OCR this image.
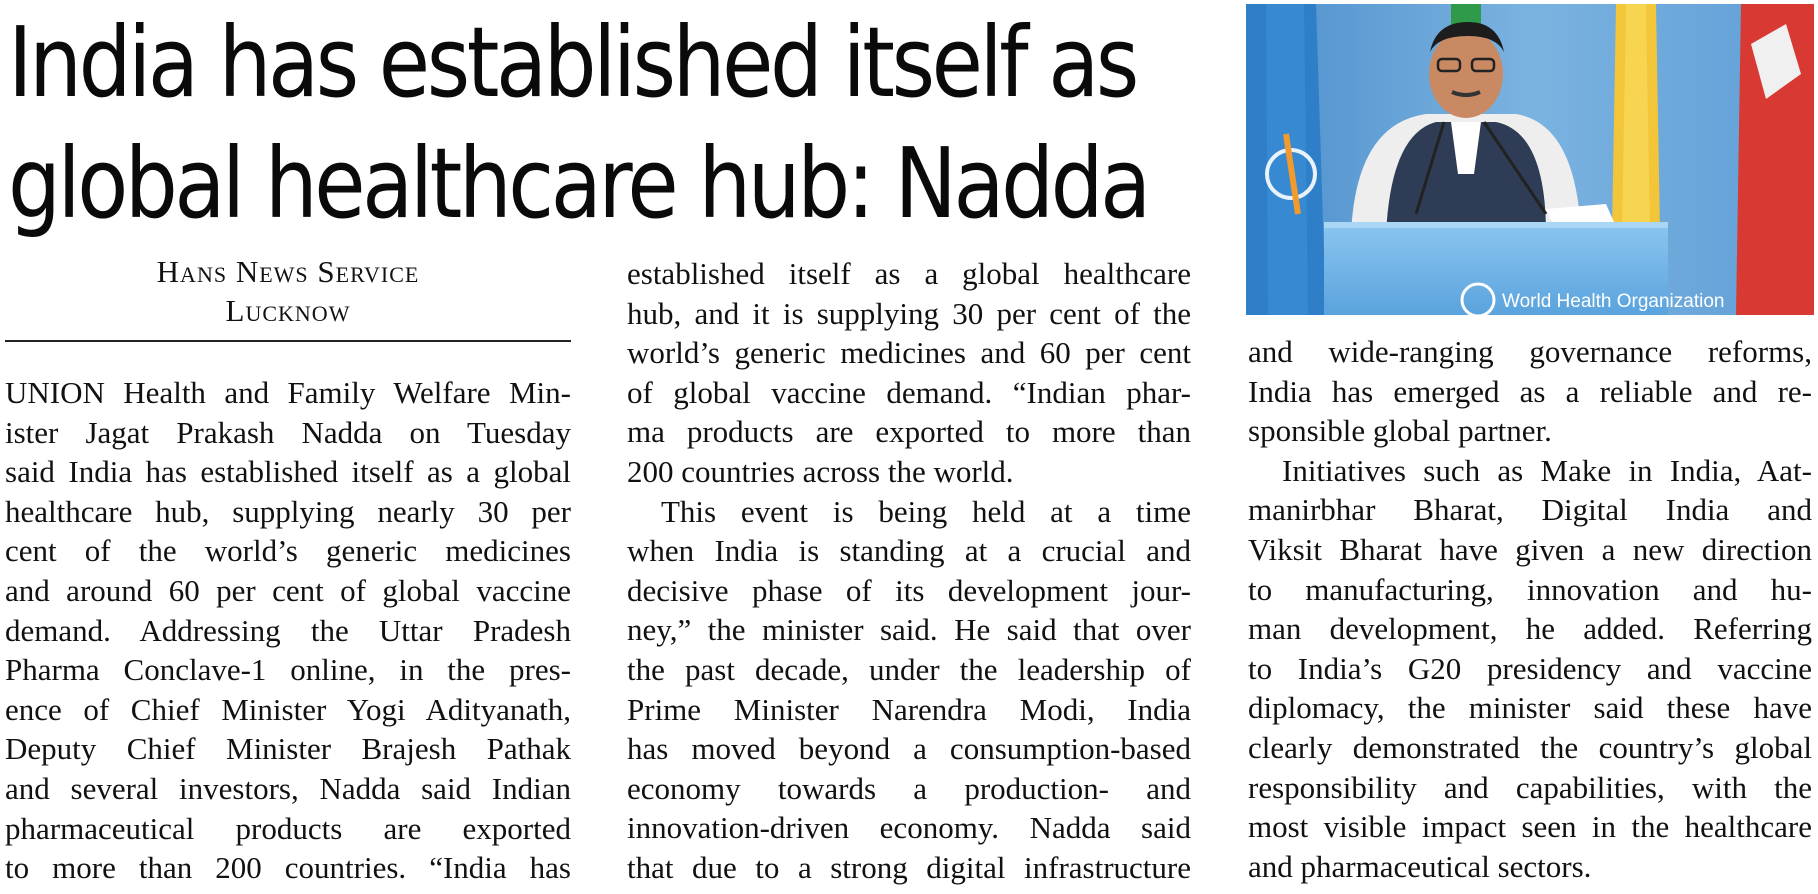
India has established itself as
global healthcare hub: Nadda
World Health Organization
Hans News Service
Lucknow
UNION Health and Family Welfare Min-
ister Jagat Prakash Nadda on Tuesday
said India has established itself as a global
healthcare hub, supplying nearly 30 per
cent of the world’s generic medicines
and around 60 per cent of global vaccine
demand. Addressing the Uttar Pradesh
Pharma Conclave-1 online, in the pres-
ence of Chief Minister Yogi Adityanath,
Deputy Chief Minister Brajesh Pathak
and several investors, Nadda said Indian
pharmaceutical products are exported
to more than 200 countries. “India has
established itself as a global healthcare
hub, and it is supplying 30 per cent of the
world’s generic medicines and 60 per cent
of global vaccine demand. “Indian phar-
ma products are exported to more than
200 countries across the world.
This event is being held at a time
when India is standing at a crucial and
decisive phase of its development jour-
ney,” the minister said. He said that over
the past decade, under the leadership of
Prime Minister Narendra Modi, India
has moved beyond a consumption-based
economy towards a production- and
innovation-driven economy. Nadda said
that due to a strong digital infrastructure
and wide-ranging governance reforms,
India has emerged as a reliable and re-
sponsible global partner.
Initiatives such as Make in India, Aat-
manirbhar Bharat, Digital India and
Viksit Bharat have given a new direction
to manufacturing, innovation and hu-
man development, he added. Referring
to India’s G20 presidency and vaccine
diplomacy, the minister said these have
clearly demonstrated the country’s global
responsibility and capabilities, with the
most visible impact seen in the healthcare
and pharmaceutical sectors.
